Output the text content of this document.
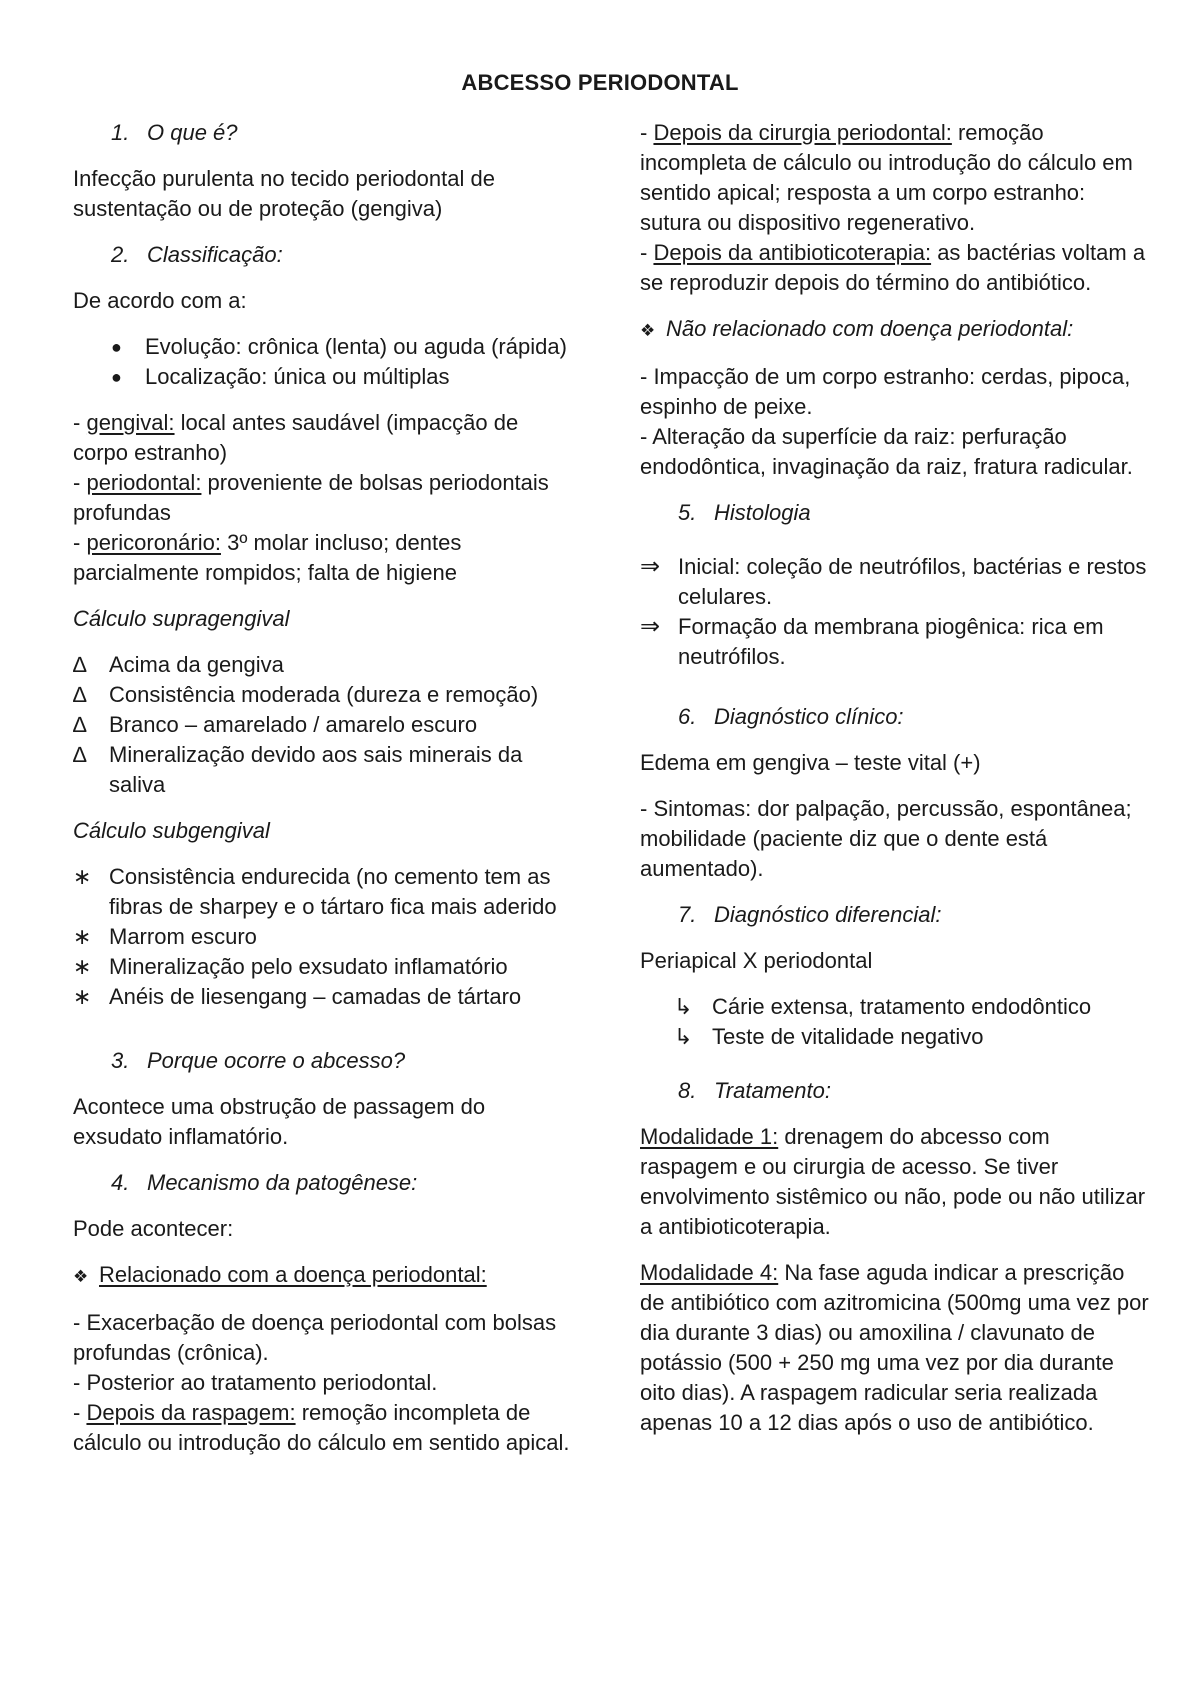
ABCESSO PERIODONTAL
1. O que é?

Infecção purulenta no tecido periodontal de sustentação ou de proteção (gengiva)

2. Classificação:

De acordo com a:

●	Evolução: crônica (lenta) ou aguda (rápida)
●	Localização: única ou múltiplas
- gengival: local antes saudável (impacção de corpo estranho)
- periodontal: proveniente de bolsas periodontais profundas
- pericoronário: 3º molar incluso; dentes parcialmente rompidos; falta de higiene

Cálculo supragengival

∆	Acima da gengiva
∆	Consistência moderada (dureza e remoção)
∆	Branco – amarelado / amarelo escuro
∆	Mineralização devido aos sais minerais da saliva

Cálculo subgengival

∗ Consistência endurecida (no cemento tem as fibras de sharpey e o tártaro fica mais aderido
∗ Marrom escuro
∗ Mineralização pelo exsudato inflamatório
∗ Anéis de liesengang – camadas de tártaro
3. Porque ocorre o abcesso?

Acontece uma obstrução de passagem do exsudato inflamatório.

4. Mecanismo da patogênese:

Pode acontecer:

❖ Relacionado com a doença periodontal:

- Exacerbação de doença periodontal com bolsas profundas (crônica).
- Posterior ao tratamento periodontal.
- Depois da raspagem: remoção incompleta de cálculo ou introdução do cálculo em sentido apical.
- Depois da cirurgia periodontal: remoção incompleta de cálculo ou introdução do cálculo em sentido apical; resposta a um corpo estranho: sutura ou dispositivo regenerativo.
- Depois da antibioticoterapia: as bactérias voltam a se reproduzir depois do término do antibiótico.

❖ Não relacionado com doença periodontal:

- Impacção de um corpo estranho: cerdas, pipoca, espinho de peixe.
- Alteração da superfície da raiz: perfuração endodôntica, invaginação da raiz, fratura radicular.
5. Histologia
⇒ Inicial: coleção de neutrófilos, bactérias e restos celulares.
⇒ Formação da membrana piogênica: rica em neutrófilos.
6. Diagnóstico clínico:

Edema em gengiva – teste vital (+)

- Sintomas: dor palpação, percussão, espontânea; mobilidade (paciente diz que o dente está aumentado).

7. Diagnóstico diferencial:

Periapical X periodontal

↳ Cárie extensa, tratamento endodôntico
↳ Teste de vitalidade negativo
8. Tratamento:

Modalidade 1: drenagem do abcesso com raspagem e ou cirurgia de acesso. Se tiver envolvimento sistêmico ou não, pode ou não utilizar a antibioticoterapia.

Modalidade 4: Na fase aguda indicar a prescrição de antibiótico com azitromicina (500mg uma vez por dia durante 3 dias) ou amoxilina / clavunato de potássio (500 + 250 mg uma vez por dia durante oito dias). A raspagem radicular seria realizada apenas 10 a 12 dias após o uso de antibiótico.
